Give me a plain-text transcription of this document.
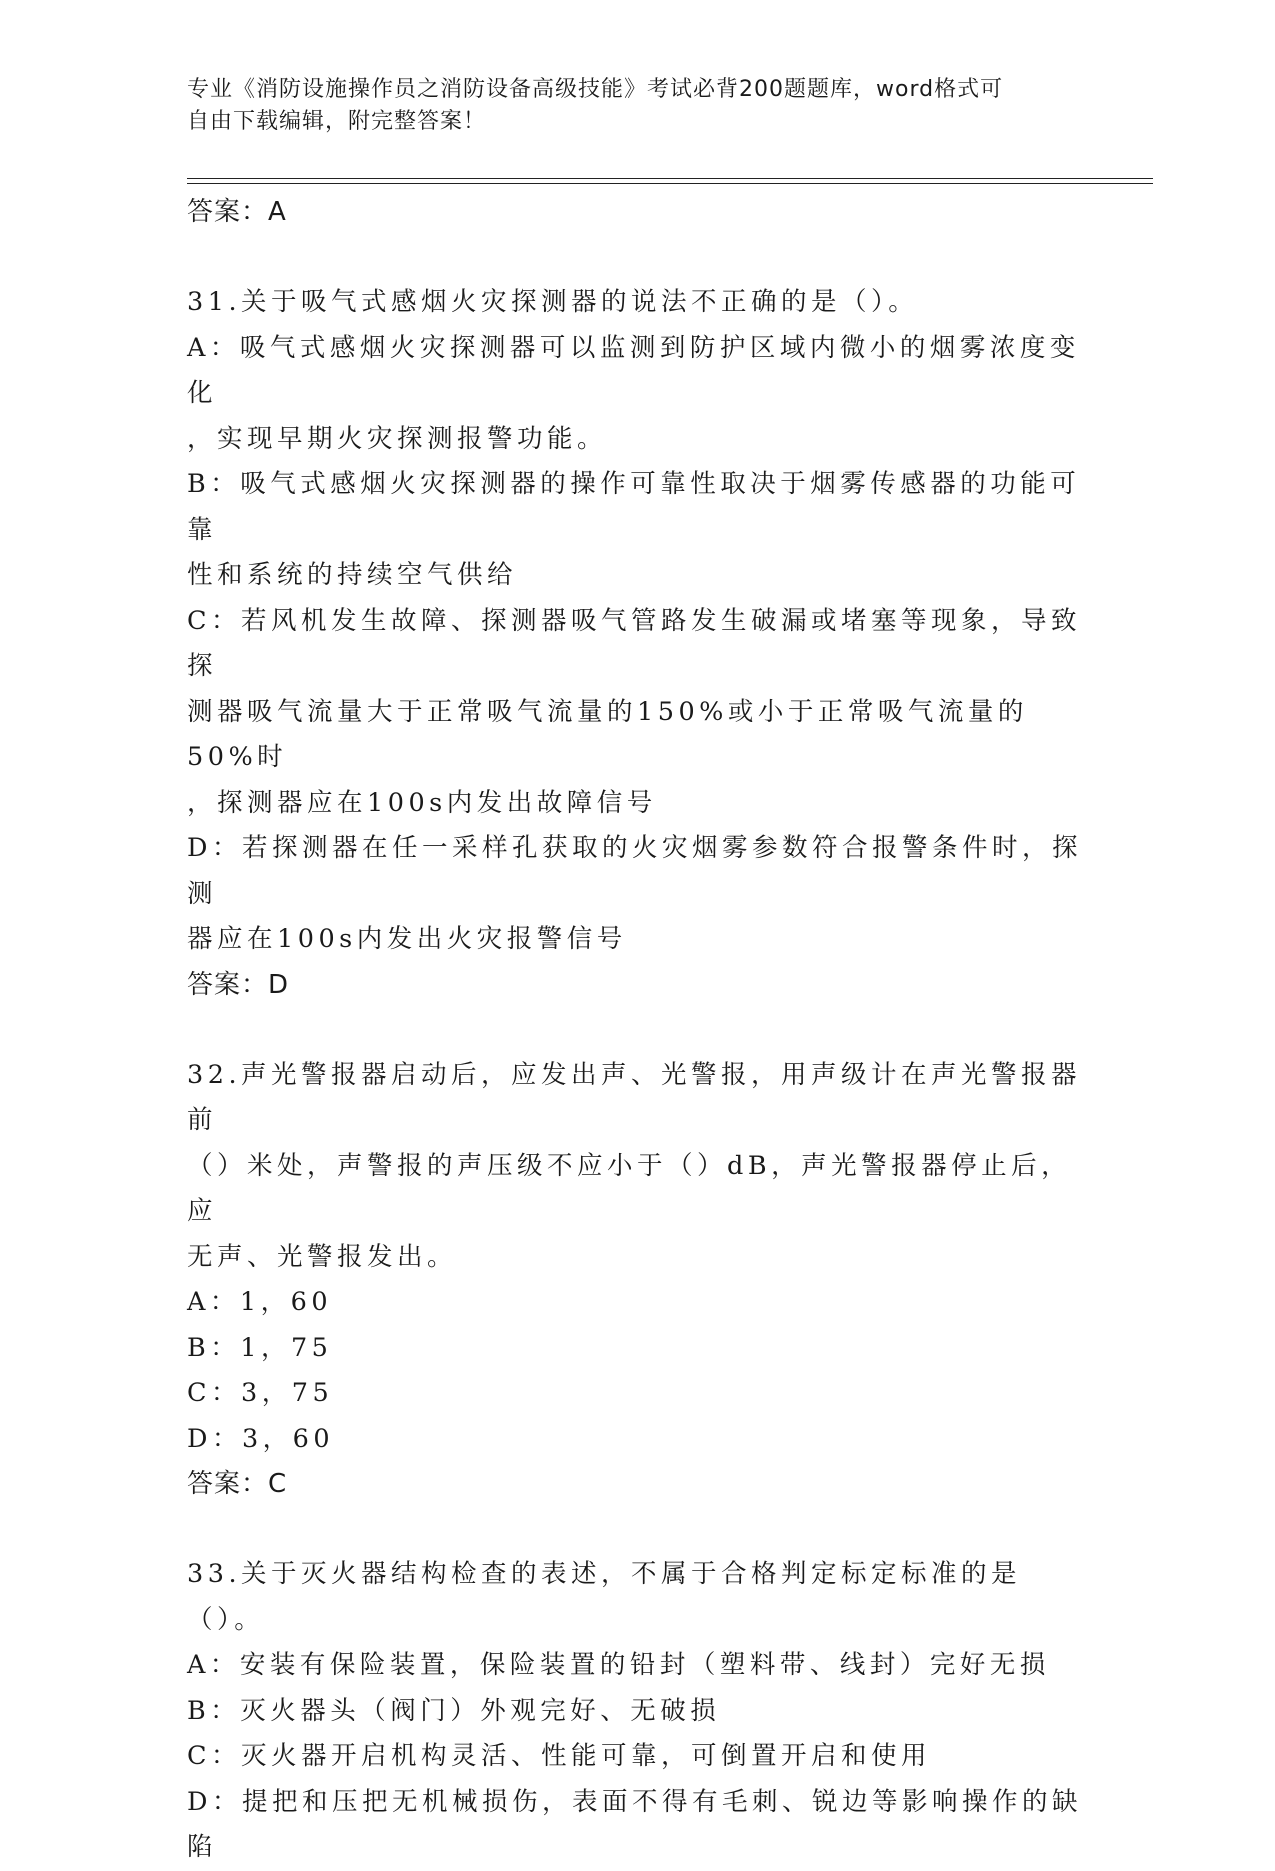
专业《消防设施操作员之消防设备高级技能》考试必背200题题库，word格式可
自由下载编辑，附完整答案！

答案：A

31.关于吸气式感烟火灾探测器的说法不正确的是（）。

A：吸气式感烟火灾探测器可以监测到防护区域内微小的烟雾浓度变化

，实现早期火灾探测报警功能。

B：吸气式感烟火灾探测器的操作可靠性取决于烟雾传感器的功能可靠

性和系统的持续空气供给

C：若风机发生故障、探测器吸气管路发生破漏或堵塞等现象，导致探

测器吸气流量大于正常吸气流量的150%或小于正常吸气流量的50%时

，探测器应在100s内发出故障信号

D：若探测器在任一采样孔获取的火灾烟雾参数符合报警条件时，探测

器应在100s内发出火灾报警信号

答案：D

32.声光警报器启动后，应发出声、光警报，用声级计在声光警报器前

（）米处，声警报的声压级不应小于（）dB，声光警报器停止后，应

无声、光警报发出。

A：1，60

B：1，75

C：3，75

D：3，60

答案：C

33.关于灭火器结构检查的表述，不属于合格判定标定标准的是（）。

A：安装有保险装置，保险装置的铅封（塑料带、线封）完好无损

B：灭火器头（阀门）外观完好、无破损

C：灭火器开启机构灵活、性能可靠，可倒置开启和使用

D：提把和压把无机械损伤，表面不得有毛刺、锐边等影响操作的缺陷
